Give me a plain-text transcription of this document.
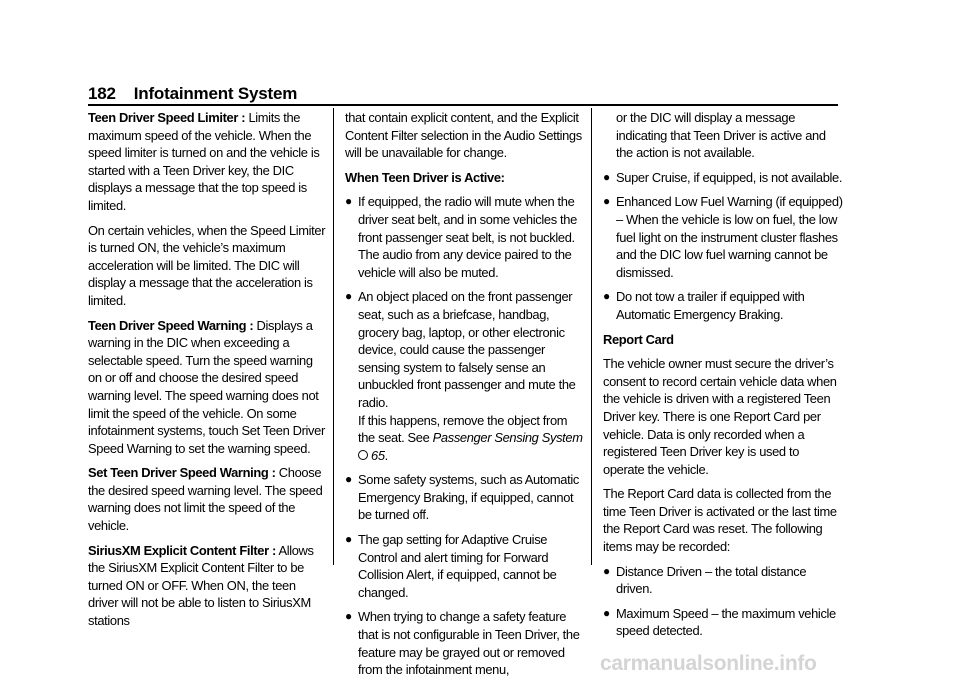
182 Infotainment System

Teen Driver Speed Limiter : Limits the maximum speed of the vehicle. When the speed limiter is turned on and the vehicle is started with a Teen Driver key, the DIC displays a message that the top speed is limited.

On certain vehicles, when the Speed Limiter is turned ON, the vehicle’s maximum acceleration will be limited. The DIC will display a message that the acceleration is limited.

Teen Driver Speed Warning : Displays a warning in the DIC when exceeding a selectable speed. Turn the speed warning on or off and choose the desired speed warning level. The speed warning does not limit the speed of the vehicle. On some infotainment systems, touch Set Teen Driver Speed Warning to set the warning speed.

Set Teen Driver Speed Warning : Choose the desired speed warning level. The speed warning does not limit the speed of the vehicle.

SiriusXM Explicit Content Filter : Allows the SiriusXM Explicit Content Filter to be turned ON or OFF. When ON, the teen driver will not be able to listen to SiriusXM stations

that contain explicit content, and the Explicit Content Filter selection in the Audio Settings will be unavailable for change.

When Teen Driver is Active:

● If equipped, the radio will mute when the driver seat belt, and in some vehicles the front passenger seat belt, is not buckled. The audio from any device paired to the vehicle will also be muted.
● An object placed on the front passenger seat, such as a briefcase, handbag, grocery bag, laptop, or other electronic device, could cause the passenger sensing system to falsely sense an unbuckled front passenger and mute the radio.
If this happens, remove the object from the seat. See Passenger Sensing System

65 .
● Some safety systems, such as Automatic Emergency Braking, if equipped, cannot be turned off.
● The gap setting for Adaptive Cruise Control and alert timing for Forward Collision Alert, if equipped, cannot be changed.
● When trying to change a safety feature that is not configurable in Teen Driver, the feature may be grayed out or removed from the infotainment menu,

or the DIC will display a message indicating that Teen Driver is active and the action is not available.

● Super Cruise, if equipped, is not available.
● Enhanced Low Fuel Warning (if equipped) – When the vehicle is low on fuel, the low fuel light on the instrument cluster flashes and the DIC low fuel warning cannot be dismissed.
● Do not tow a trailer if equipped with Automatic Emergency Braking.

Report Card

The vehicle owner must secure the driver’s consent to record certain vehicle data when the vehicle is driven with a registered Teen Driver key. There is one Report Card per vehicle. Data is only recorded when a registered Teen Driver key is used to operate the vehicle.

The Report Card data is collected from the time Teen Driver is activated or the last time the Report Card was reset. The following items may be recorded:

● Distance Driven – the total distance driven.
● Maximum Speed – the maximum vehicle speed detected.
carmanualsonline.info
